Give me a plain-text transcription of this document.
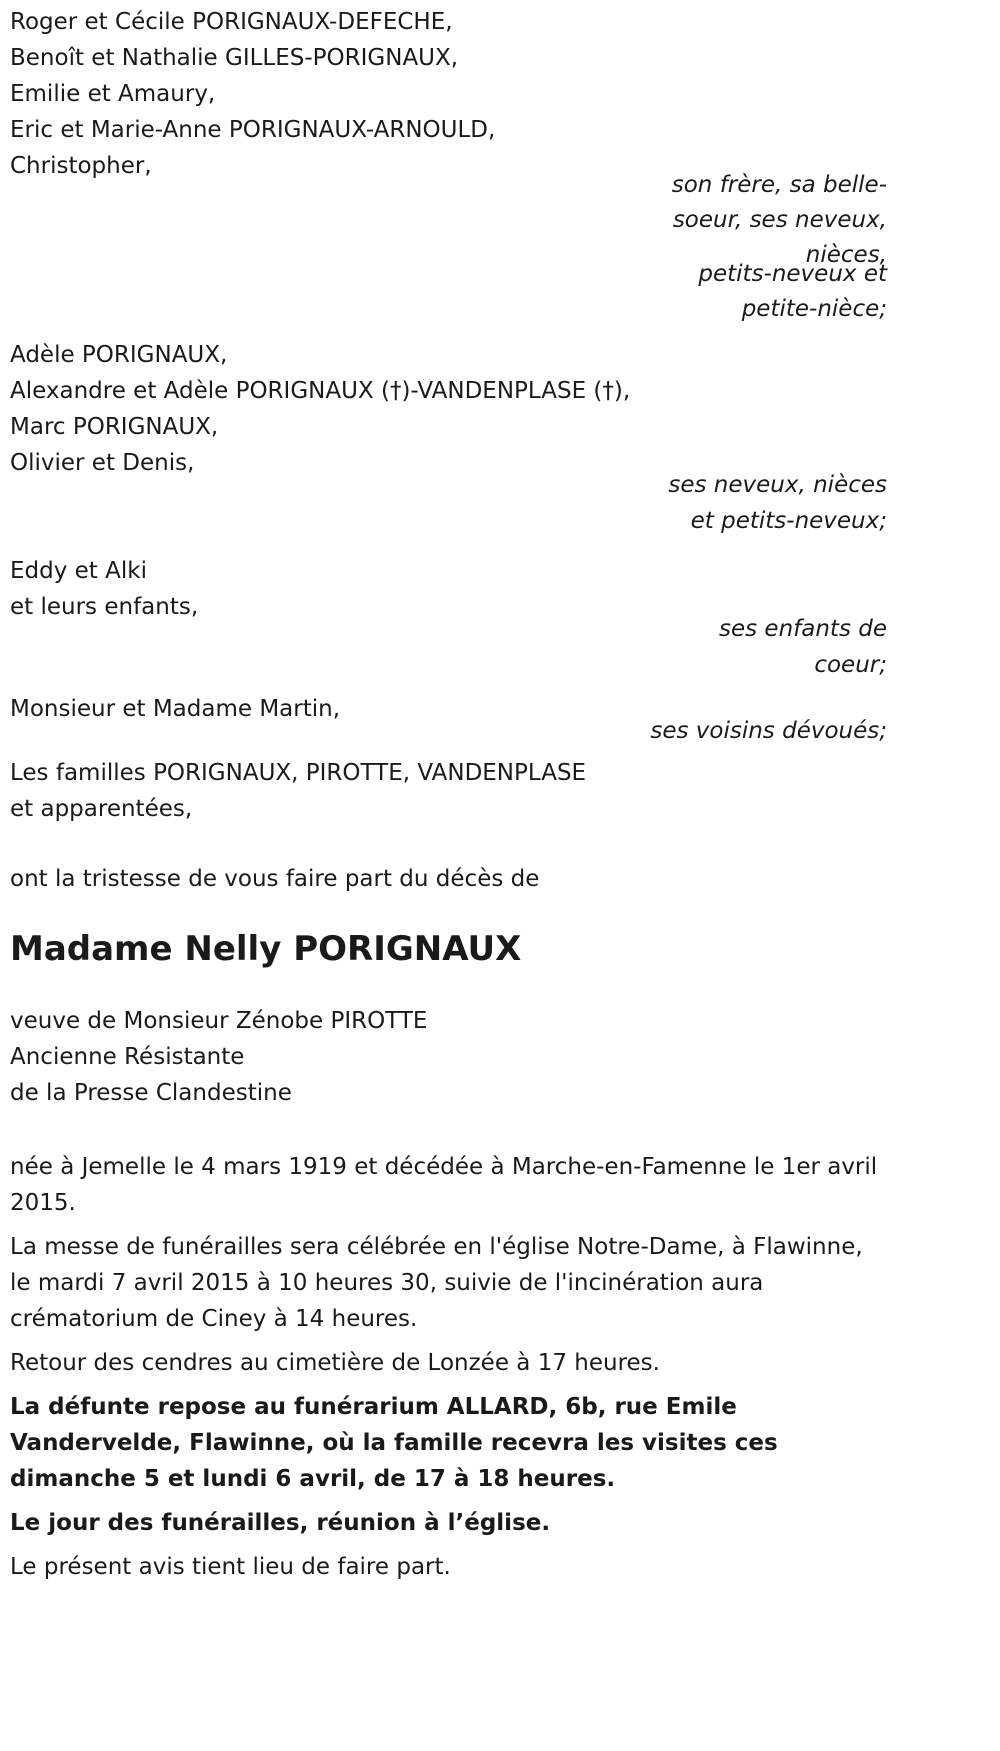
Roger et Cécile PORIGNAUX-DEFECHE,
Benoît et Nathalie GILLES-PORIGNAUX,
Emilie et Amaury,
Eric et Marie-Anne PORIGNAUX-ARNOULD,
Christopher,
son frère, sa belle-
soeur, ses neveux,
nièces,
petits-neveux et
petite-nièce;
Adèle PORIGNAUX,
Alexandre et Adèle PORIGNAUX (†)-VANDENPLASE (†),
Marc PORIGNAUX,
Olivier et Denis,
ses neveux, nièces
et petits-neveux;
Eddy et Alki
et leurs enfants,
ses enfants de
coeur;
Monsieur et Madame Martin,
ses voisins dévoués;
Les familles PORIGNAUX, PIROTTE, VANDENPLASE
et apparentées,
ont la tristesse de vous faire part du décès de
Madame Nelly PORIGNAUX
veuve de Monsieur Zénobe PIROTTE
Ancienne Résistante
de la Presse Clandestine
née à Jemelle le 4 mars 1919 et décédée à Marche-en-Famenne le 1er avril 2015.
La messe de funérailles sera célébrée en l'église Notre-Dame, à Flawinne, le mardi 7 avril 2015 à 10 heures 30, suivie de l'incinération aura crématorium de Ciney à 14 heures.
Retour des cendres au cimetière de Lonzée à 17 heures.
La défunte repose au funérarium ALLARD, 6b, rue Emile Vandervelde, Flawinne, où la famille recevra les visites ces dimanche 5 et lundi 6 avril, de 17 à 18 heures.
Le jour des funérailles, réunion à l’église.
Le présent avis tient lieu de faire part.
